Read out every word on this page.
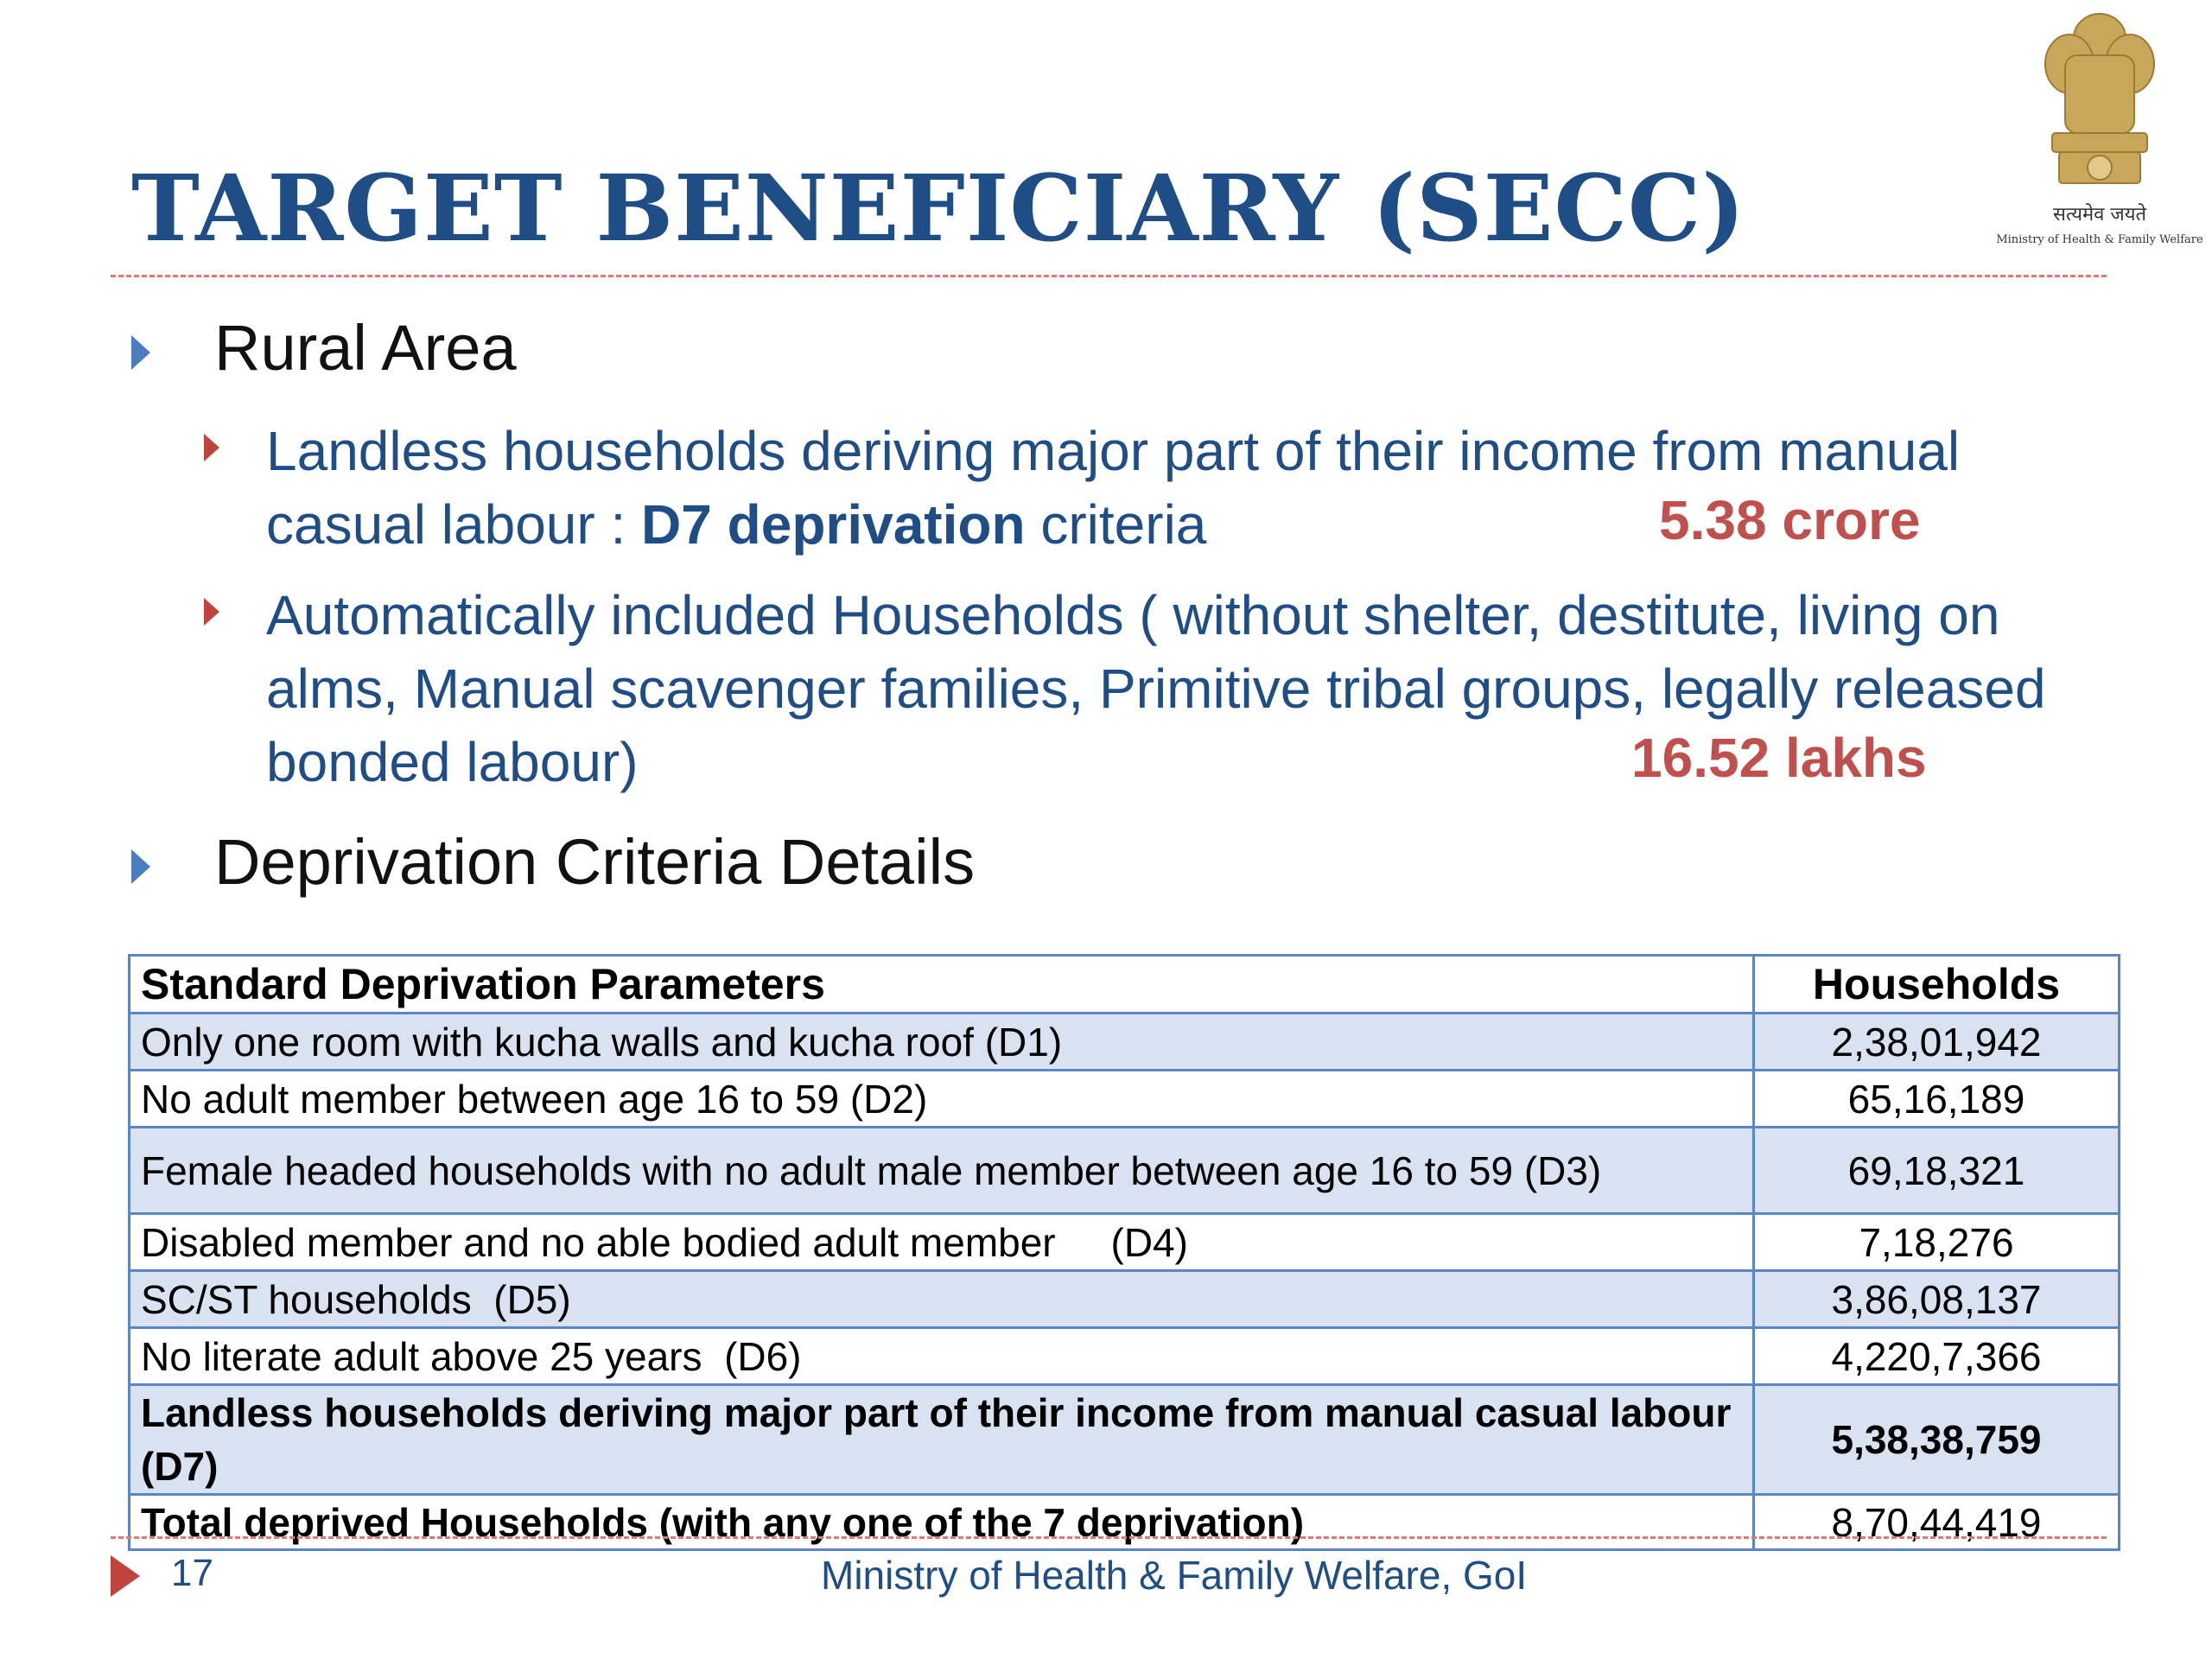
सत्यमेव जयते
Ministry of Health & Family Welfare
TARGET BENEFICIARY (SECC)
Rural Area
Landless households deriving major part of their income from manual casual labour : D7 deprivation criteria	5.38 crore
Automatically included Households ( without shelter, destitute, living on alms, Manual scavenger families, Primitive tribal groups, legally released bonded labour)	16.52 lakhs
Deprivation Criteria Details
Standard Deprivation Parameters	Households
Only one room with kucha walls and kucha roof (D1)	2,38,01,942
No adult member between age 16 to 59 (D2)	65,16,189
Female headed households with no adult male member between age 16 to 59 (D3)	69,18,321
Disabled member and no able bodied adult member     (D4)	7,18,276
SC/ST households  (D5)	3,86,08,137
No literate adult above 25 years  (D6)	4,220,7,366
Landless households deriving major part of their income from manual casual labour (D7)	5,38,38,759
Total deprived Households (with any one of the 7 deprivation)	8,70,44,419
17	Ministry of Health & Family Welfare, GoI
